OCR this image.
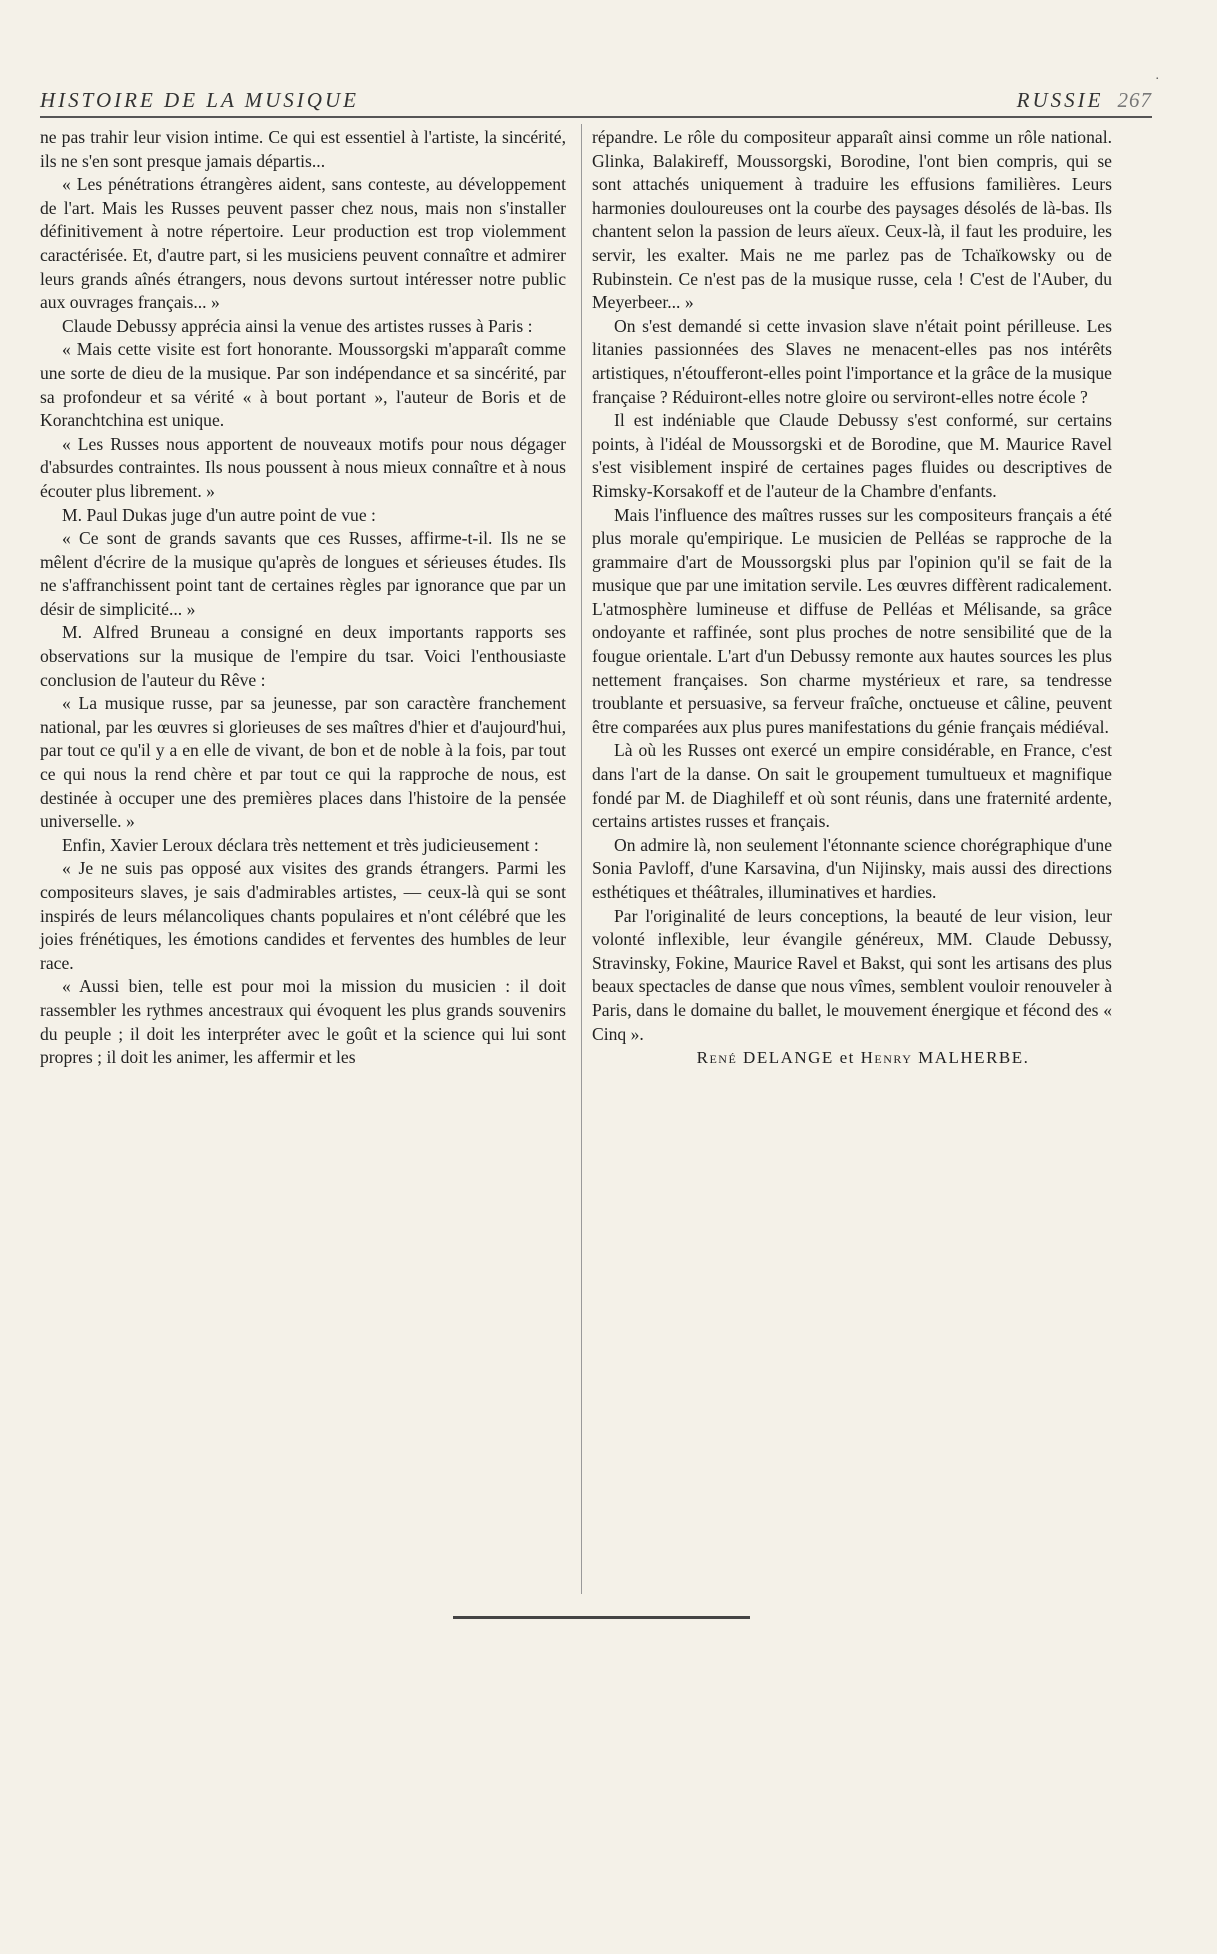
.
HISTOIRE DE LA MUSIQUE	RUSSIE 267

ne pas trahir leur vision intime. Ce qui est essentiel à l'artiste, la sincérité, ils ne s'en sont presque jamais départis...

« Les pénétrations étrangères aident, sans conteste, au développement de l'art. Mais les Russes peuvent passer chez nous, mais non s'installer définitivement à notre répertoire. Leur production est trop violemment caractérisée. Et, d'autre part, si les musiciens peuvent connaître et admirer leurs grands aînés étrangers, nous devons surtout intéresser notre public aux ouvrages français... »

Claude Debussy apprécia ainsi la venue des artistes russes à Paris :

« Mais cette visite est fort honorante. Moussorgski m'apparaît comme une sorte de dieu de la musique. Par son indépendance et sa sincérité, par sa profondeur et sa vérité « à bout portant », l'auteur de Boris et de Koranchtchina est unique.

« Les Russes nous apportent de nouveaux motifs pour nous dégager d'absurdes contraintes. Ils nous poussent à nous mieux connaître et à nous écouter plus librement. »

M. Paul Dukas juge d'un autre point de vue :

« Ce sont de grands savants que ces Russes, affirme-t-il. Ils ne se mêlent d'écrire de la musique qu'après de longues et sérieuses études. Ils ne s'affranchissent point tant de certaines règles par ignorance que par un désir de simplicité... »

M. Alfred Bruneau a consigné en deux importants rapports ses observations sur la musique de l'empire du tsar. Voici l'enthousiaste conclusion de l'auteur du Rêve :

« La musique russe, par sa jeunesse, par son caractère franchement national, par les œuvres si glorieuses de ses maîtres d'hier et d'aujourd'hui, par tout ce qu'il y a en elle de vivant, de bon et de noble à la fois, par tout ce qui nous la rend chère et par tout ce qui la rapproche de nous, est destinée à occuper une des premières places dans l'histoire de la pensée universelle. »

Enfin, Xavier Leroux déclara très nettement et très judicieusement :

« Je ne suis pas opposé aux visites des grands étrangers. Parmi les compositeurs slaves, je sais d'admirables artistes, — ceux-là qui se sont inspirés de leurs mélancoliques chants populaires et n'ont célébré que les joies frénétiques, les émotions candides et ferventes des humbles de leur race.

« Aussi bien, telle est pour moi la mission du musicien : il doit rassembler les rythmes ancestraux qui évoquent les plus grands souvenirs du peuple ; il doit les interpréter avec le goût et la science qui lui sont propres ; il doit les animer, les affermir et les

répandre. Le rôle du compositeur apparaît ainsi comme un rôle national. Glinka, Balakireff, Moussorgski, Borodine, l'ont bien compris, qui se sont attachés uniquement à traduire les effusions familières. Leurs harmonies douloureuses ont la courbe des paysages désolés de là-bas. Ils chantent selon la passion de leurs aïeux. Ceux-là, il faut les produire, les servir, les exalter. Mais ne me parlez pas de Tchaïkowsky ou de Rubinstein. Ce n'est pas de la musique russe, cela ! C'est de l'Auber, du Meyerbeer... »

On s'est demandé si cette invasion slave n'était point périlleuse. Les litanies passionnées des Slaves ne menacent-elles pas nos intérêts artistiques, n'étoufferont-elles point l'importance et la grâce de la musique française ? Réduiront-elles notre gloire ou serviront-elles notre école ?

Il est indéniable que Claude Debussy s'est conformé, sur certains points, à l'idéal de Moussorgski et de Borodine, que M. Maurice Ravel s'est visiblement inspiré de certaines pages fluides ou descriptives de Rimsky-Korsakoff et de l'auteur de la Chambre d'enfants.

Mais l'influence des maîtres russes sur les compositeurs français a été plus morale qu'empirique. Le musicien de Pelléas se rapproche de la grammaire d'art de Moussorgski plus par l'opinion qu'il se fait de la musique que par une imitation servile. Les œuvres diffèrent radicalement. L'atmosphère lumineuse et diffuse de Pelléas et Mélisande, sa grâce ondoyante et raffinée, sont plus proches de notre sensibilité que de la fougue orientale. L'art d'un Debussy remonte aux hautes sources les plus nettement françaises. Son charme mystérieux et rare, sa tendresse troublante et persuasive, sa ferveur fraîche, onctueuse et câline, peuvent être comparées aux plus pures manifestations du génie français médiéval.

Là où les Russes ont exercé un empire considérable, en France, c'est dans l'art de la danse. On sait le groupement tumultueux et magnifique fondé par M. de Diaghileff et où sont réunis, dans une fraternité ardente, certains artistes russes et français.

On admire là, non seulement l'étonnante science chorégraphique d'une Sonia Pavloff, d'une Karsavina, d'un Nijinsky, mais aussi des directions esthétiques et théâtrales, illuminatives et hardies.

Par l'originalité de leurs conceptions, la beauté de leur vision, leur volonté inflexible, leur évangile généreux, MM. Claude Debussy, Stravinsky, Fokine, Maurice Ravel et Bakst, qui sont les artisans des plus beaux spectacles de danse que nous vîmes, semblent vouloir renouveler à Paris, dans le domaine du ballet, le mouvement énergique et fécond des « Cinq ».

René DELANGE et Henry MALHERBE.
